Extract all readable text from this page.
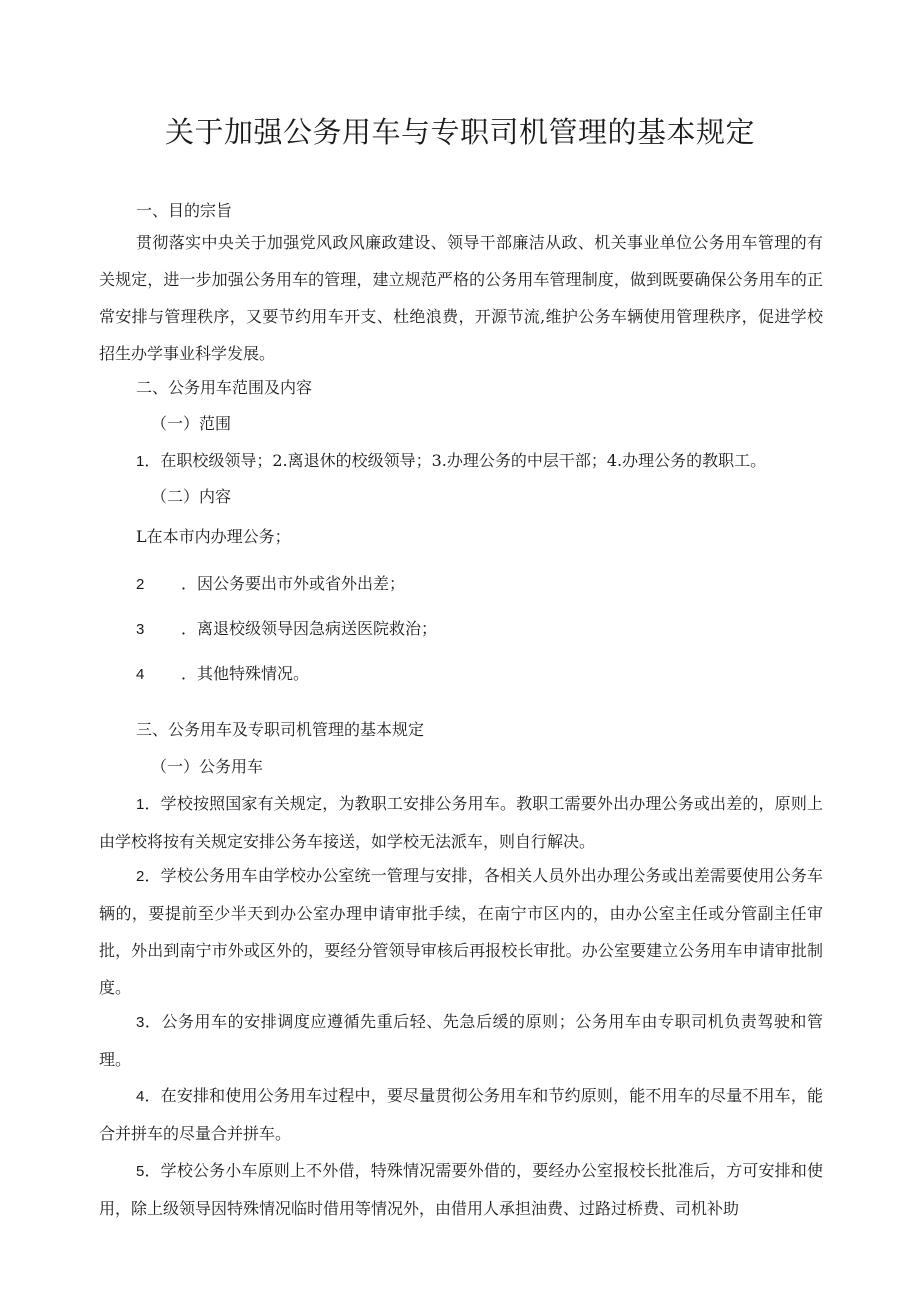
关于加强公务用车与专职司机管理的基本规定
一、目的宗旨
贯彻落实中央关于加强党风政风廉政建设、领导干部廉洁从政、机关事业单位公务用车管理的有关规定，进一步加强公务用车的管理，建立规范严格的公务用车管理制度，做到既要确保公务用车的正常安排与管理秩序，又要节约用车开支、杜绝浪费，开源节流,维护公务车辆使用管理秩序，促进学校招生办学事业科学发展。
二、公务用车范围及内容
（一）范围
1．在职校级领导；2.离退休的校级领导；3.办理公务的中层干部；4.办理公务的教职工。
（二）内容
L在本市内办理公务；
2 ．因公务要出市外或省外出差；
3 ．离退校级领导因急病送医院救治；
4 ．其他特殊情况。
三、公务用车及专职司机管理的基本规定
（一）公务用车
1．学校按照国家有关规定，为教职工安排公务用车。教职工需要外出办理公务或出差的，原则上由学校将按有关规定安排公务车接送，如学校无法派车，则自行解决。
2．学校公务用车由学校办公室统一管理与安排，各相关人员外出办理公务或出差需要使用公务车辆的，要提前至少半天到办公室办理申请审批手续，在南宁市区内的，由办公室主任或分管副主任审批，外出到南宁市外或区外的，要经分管领导审核后再报校长审批。办公室要建立公务用车申请审批制度。
3．公务用车的安排调度应遵循先重后轻、先急后缓的原则；公务用车由专职司机负责驾驶和管理。
4．在安排和使用公务用车过程中，要尽量贯彻公务用车和节约原则，能不用车的尽量不用车，能合并拼车的尽量合并拼车。
5．学校公务小车原则上不外借，特殊情况需要外借的，要经办公室报校长批准后，方可安排和使用，除上级领导因特殊情况临时借用等情况外，由借用人承担油费、过路过桥费、司机补助
